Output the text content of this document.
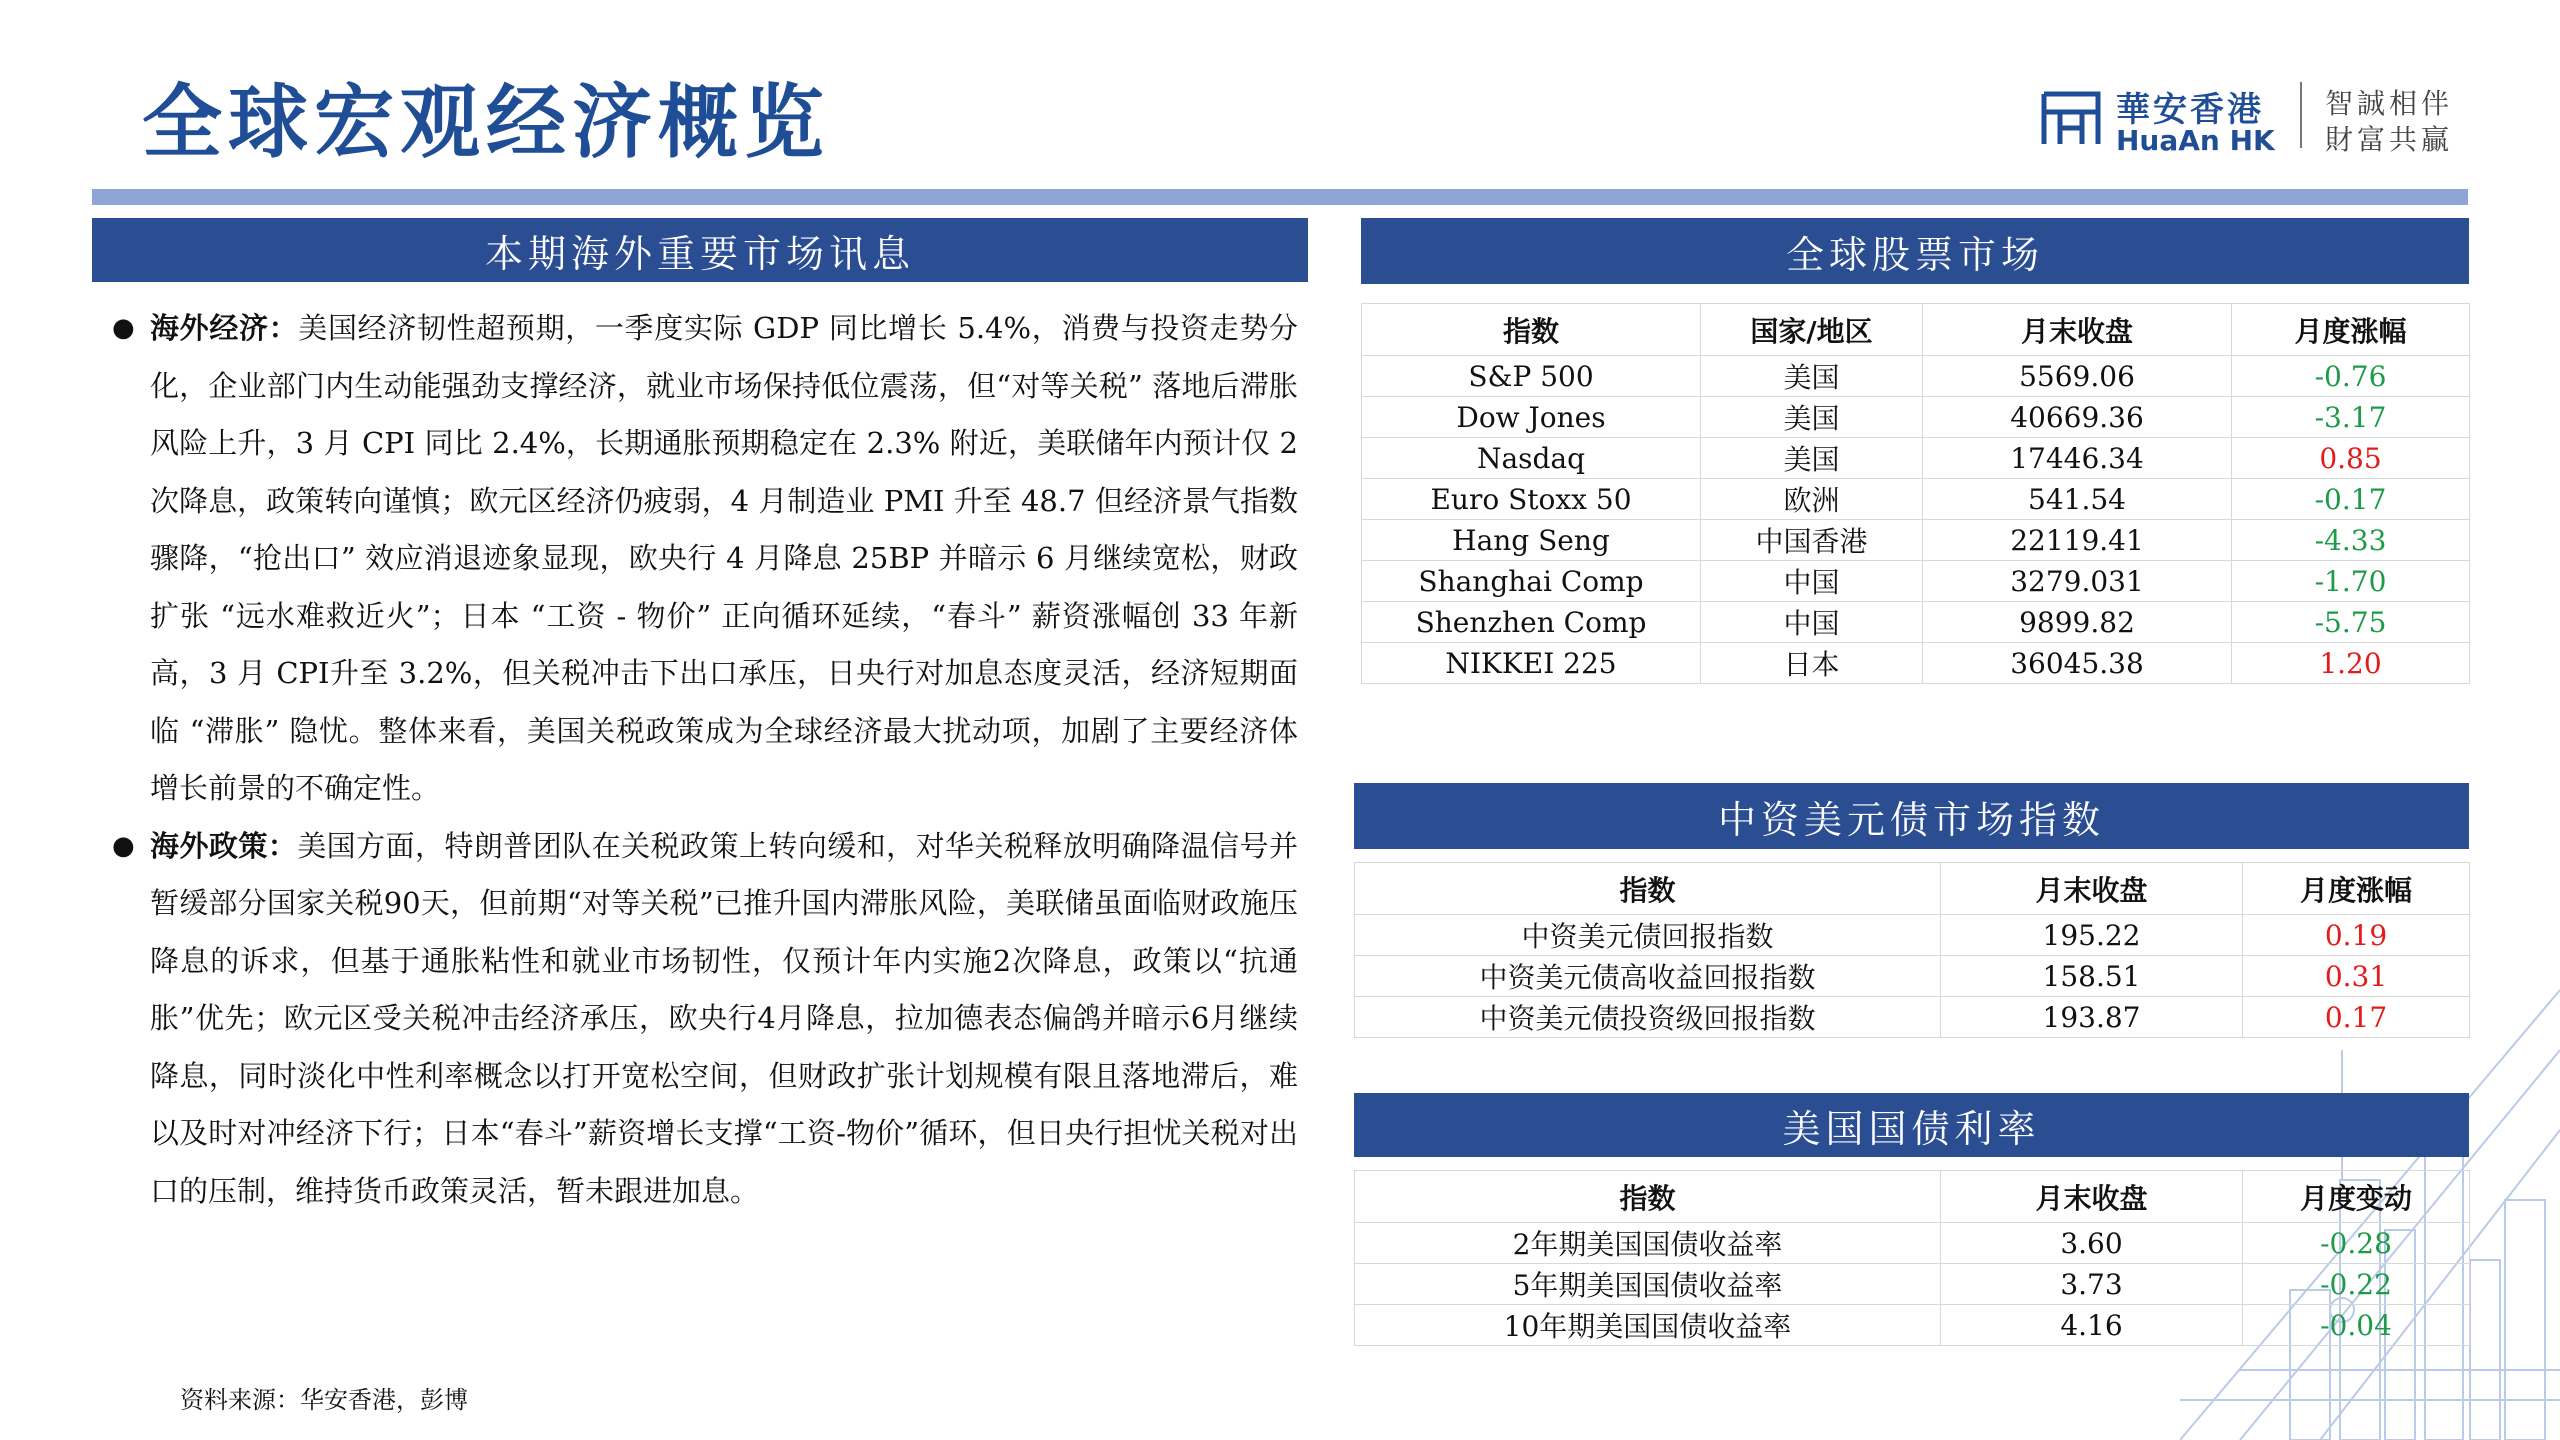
全球宏观经济概览	華安香港
HuaAn HK
智誠相伴
財富共贏
本期海外重要市场讯息
● 海外经济：美国经济韧性超预期，一季度实际 GDP 同比增长 5.4%，消费与投资走势分化，企业部门内生动能强劲支撑经济，就业市场保持低位震荡，但“对等关税” 落地后滞胀风险上升，3 月 CPI 同比 2.4%，长期通胀预期稳定在 2.3% 附近，美联储年内预计仅 2 次降息，政策转向谨慎；欧元区经济仍疲弱，4 月制造业 PMI 升至 48.7 但经济景气指数骤降，“抢出口” 效应消退迹象显现，欧央行 4 月降息 25BP 并暗示 6 月继续宽松，财政扩张 “远水难救近火”；日本 “工资 - 物价” 正向循环延续，“春斗” 薪资涨幅创 33 年新高，3 月 CPI升至 3.2%，但关税冲击下出口承压，日央行对加息态度灵活，经济短期面临 “滞胀” 隐忧。整体来看，美国关税政策成为全球经济最大扰动项，加剧了主要经济体增长前景的不确定性。
● 海外政策：美国方面，特朗普团队在关税政策上转向缓和，对华关税释放明确降温信号并暂缓部分国家关税90天，但前期“对等关税”已推升国内滞胀风险，美联储虽面临财政施压降息的诉求，但基于通胀粘性和就业市场韧性，仅预计年内实施2次降息，政策以“抗通胀”优先；欧元区受关税冲击经济承压，欧央行4月降息，拉加德表态偏鸽并暗示6月继续降息，同时淡化中性利率概念以打开宽松空间，但财政扩张计划规模有限且落地滞后，难以及时对冲经济下行；日本“春斗”薪资增长支撑“工资-物价”循环，但日央行担忧关税对出口的压制，维持货币政策灵活，暂未跟进加息。
资料来源：华安香港，彭博
全球股票市场
指数	国家/地区	月末收盘	月度涨幅
S&P 500	美国	5569.06	-0.76
Dow Jones	美国	40669.36	-3.17
Nasdaq	美国	17446.34	0.85
Euro Stoxx 50	欧洲	541.54	-0.17
Hang Seng	中国香港	22119.41	-4.33
Shanghai Comp	中国	3279.031	-1.70
Shenzhen Comp	中国	9899.82	-5.75
NIKKEI 225	日本	36045.38	1.20
中资美元债市场指数
指数	月末收盘	月度涨幅
中资美元债回报指数	195.22	0.19
中资美元债高收益回报指数	158.51	0.31
中资美元债投资级回报指数	193.87	0.17
美国国债利率
指数	月末收盘	月度变动
2年期美国国债收益率	3.60	-0.28
5年期美国国债收益率	3.73	-0.22
10年期美国国债收益率	4.16	-0.04
